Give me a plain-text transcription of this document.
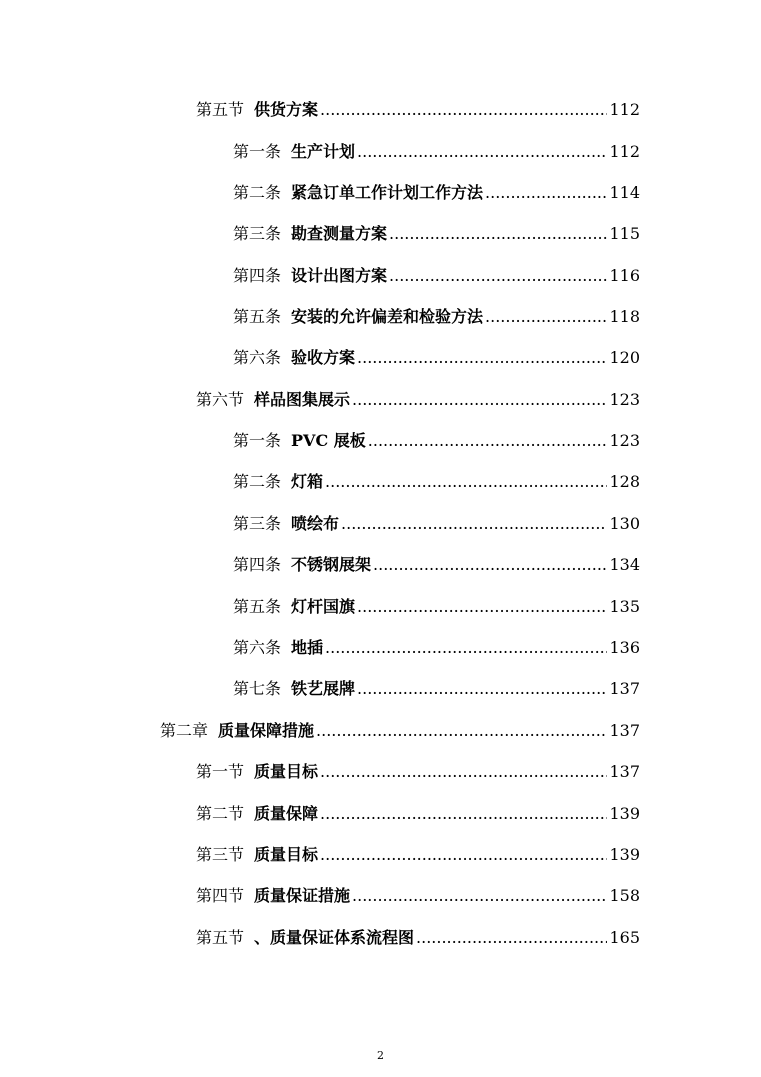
第五节 供货方案 .....	112
第一条 生产计划 .....	112
第二条 紧急订单工作计划工作方法 .....	114
第三条 勘查测量方案 .....	115
第四条 设计出图方案 .....	116
第五条 安装的允许偏差和检验方法 .....	118
第六条 验收方案 .....	120
第六节 样品图集展示 .....	123
第一条 PVC 展板 .....	123
第二条 灯箱 .....	128
第三条 喷绘布 .....	130
第四条 不锈钢展架 .....	134
第五条 灯杆国旗 .....	135
第六条 地插 .....	136
第七条 铁艺展牌 .....	137
第二章 质量保障措施 .....	137
第一节 质量目标 .....	137
第二节 质量保障 .....	139
第三节 质量目标 .....	139
第四节 质量保证措施 .....	158
第五节 、质量保证体系流程图 .....	165
2
